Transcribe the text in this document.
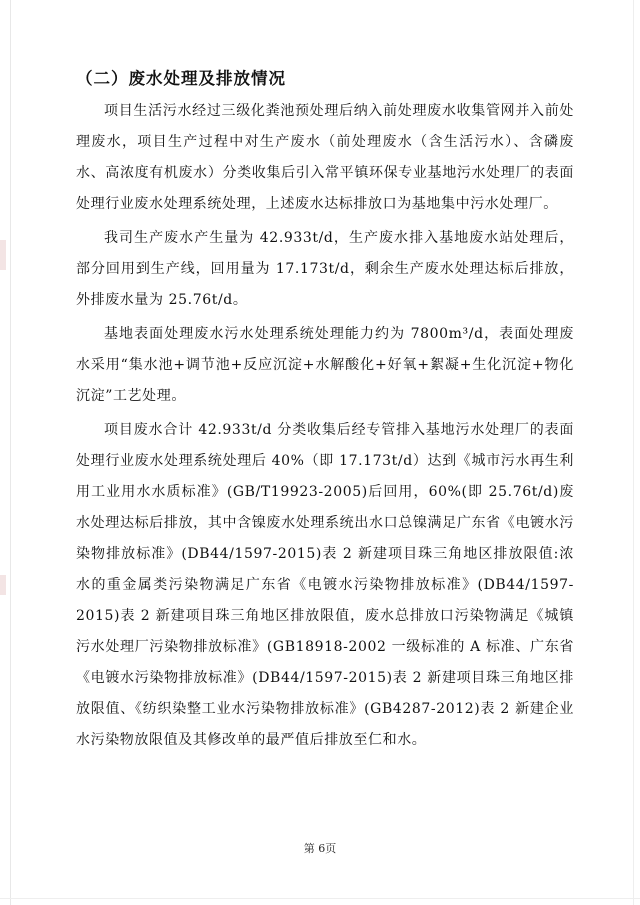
（二）废水处理及排放情况

项目生活污水经过三级化粪池预处理后纳入前处理废水收集管网并入前处理废水，项目生产过程中对生产废水（前处理废水（含生活污水）、含磷废水、高浓度有机废水）分类收集后引入常平镇环保专业基地污水处理厂的表面处理行业废水处理系统处理，上述废水达标排放口为基地集中污水处理厂。

我司生产废水产生量为 42.933t/d，生产废水排入基地废水站处理后，部分回用到生产线，回用量为 17.173t/d，剩余生产废水处理达标后排放，外排废水量为 25.76t/d。

基地表面处理废水污水处理系统处理能力约为 7800m³/d，表面处理废水采用“集水池+调节池+反应沉淀+水解酸化+好氧+絮凝+生化沉淀+物化沉淀”工艺处理。

项目废水合计 42.933t/d 分类收集后经专管排入基地污水处理厂的表面处理行业废水处理系统处理后 40%（即 17.173t/d）达到《城市污水再生利用工业用水水质标准》(GB/T19923-2005)后回用，60%(即 25.76t/d)废水处理达标后排放，其中含镍废水处理系统出水口总镍满足广东省《电镀水污染物排放标准》(DB44/1597-2015)表 2 新建项目珠三角地区排放限值:浓水的重金属类污染物满足广东省《电镀水污染物排放标准》(DB44/1597-2015)表 2 新建项目珠三角地区排放限值，废水总排放口污染物满足《城镇污水处理厂污染物排放标准》(GB18918-2002 一级标准的 A 标准、广东省《电镀水污染物排放标准》(DB44/1597-2015)表 2 新建项目珠三角地区排放限值、《纺织染整工业水污染物排放标准》(GB4287-2012)表 2 新建企业水污染物放限值及其修改单的最严值后排放至仁和水。

第 6页
